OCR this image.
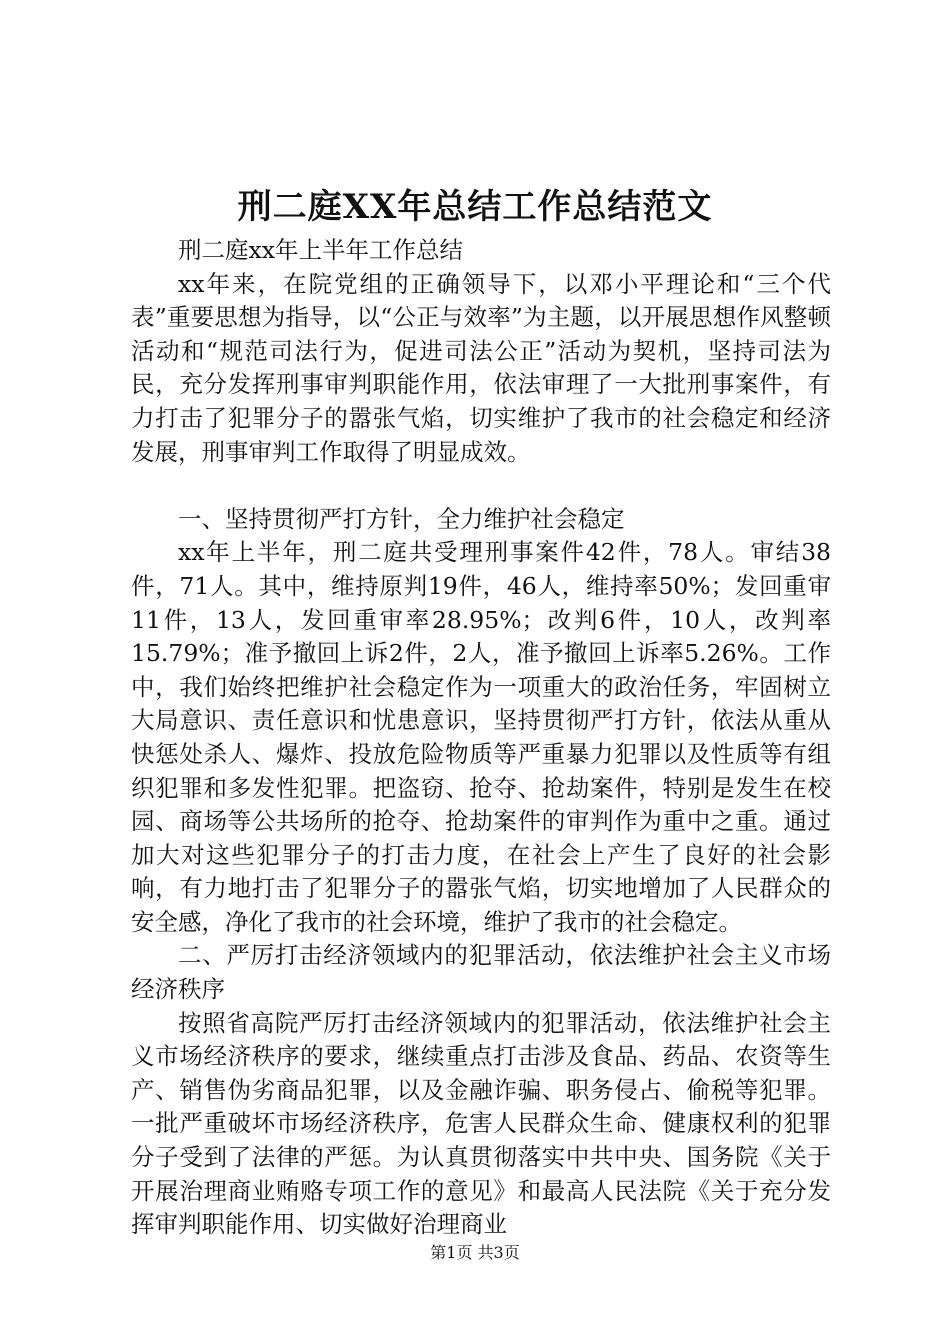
刑二庭XX年总结工作总结范文

刑二庭xx年上半年工作总结

xx年来，在院党组的正确领导下，以邓小平理论和“三个代表”重要思想为指导，以“公正与效率”为主题，以开展思想作风整顿活动和“规范司法行为，促进司法公正”活动为契机，坚持司法为民，充分发挥刑事审判职能作用，依法审理了一大批刑事案件，有力打击了犯罪分子的嚣张气焰，切实维护了我市的社会稳定和经济发展，刑事审判工作取得了明显成效。

一、坚持贯彻严打方针，全力维护社会稳定

xx年上半年，刑二庭共受理刑事案件42件，78人。审结38件，71人。其中，维持原判19件，46人，维持率50%；发回重审11件，13人，发回重审率28.95%；改判6件，10人，改判率15.79%；准予撤回上诉2件，2人，准予撤回上诉率5.26%。工作中，我们始终把维护社会稳定作为一项重大的政治任务，牢固树立大局意识、责任意识和忧患意识，坚持贯彻严打方针，依法从重从快惩处杀人、爆炸、投放危险物质等严重暴力犯罪以及性质等有组织犯罪和多发性犯罪。把盗窃、抢夺、抢劫案件，特别是发生在校园、商场等公共场所的抢夺、抢劫案件的审判作为重中之重。通过加大对这些犯罪分子的打击力度，在社会上产生了良好的社会影响，有力地打击了犯罪分子的嚣张气焰，切实地增加了人民群众的安全感，净化了我市的社会环境，维护了我市的社会稳定。

二、严厉打击经济领域内的犯罪活动，依法维护社会主义市场经济秩序

按照省高院严厉打击经济领域内的犯罪活动，依法维护社会主义市场经济秩序的要求，继续重点打击涉及食品、药品、农资等生产、销售伪劣商品犯罪，以及金融诈骗、职务侵占、偷税等犯罪。一批严重破坏市场经济秩序，危害人民群众生命、健康权利的犯罪分子受到了法律的严惩。为认真贯彻落实中共中央、国务院《关于开展治理商业贿赂专项工作的意见》和最高人民法院《关于充分发挥审判职能作用、切实做好治理商业

第1页 共3页
